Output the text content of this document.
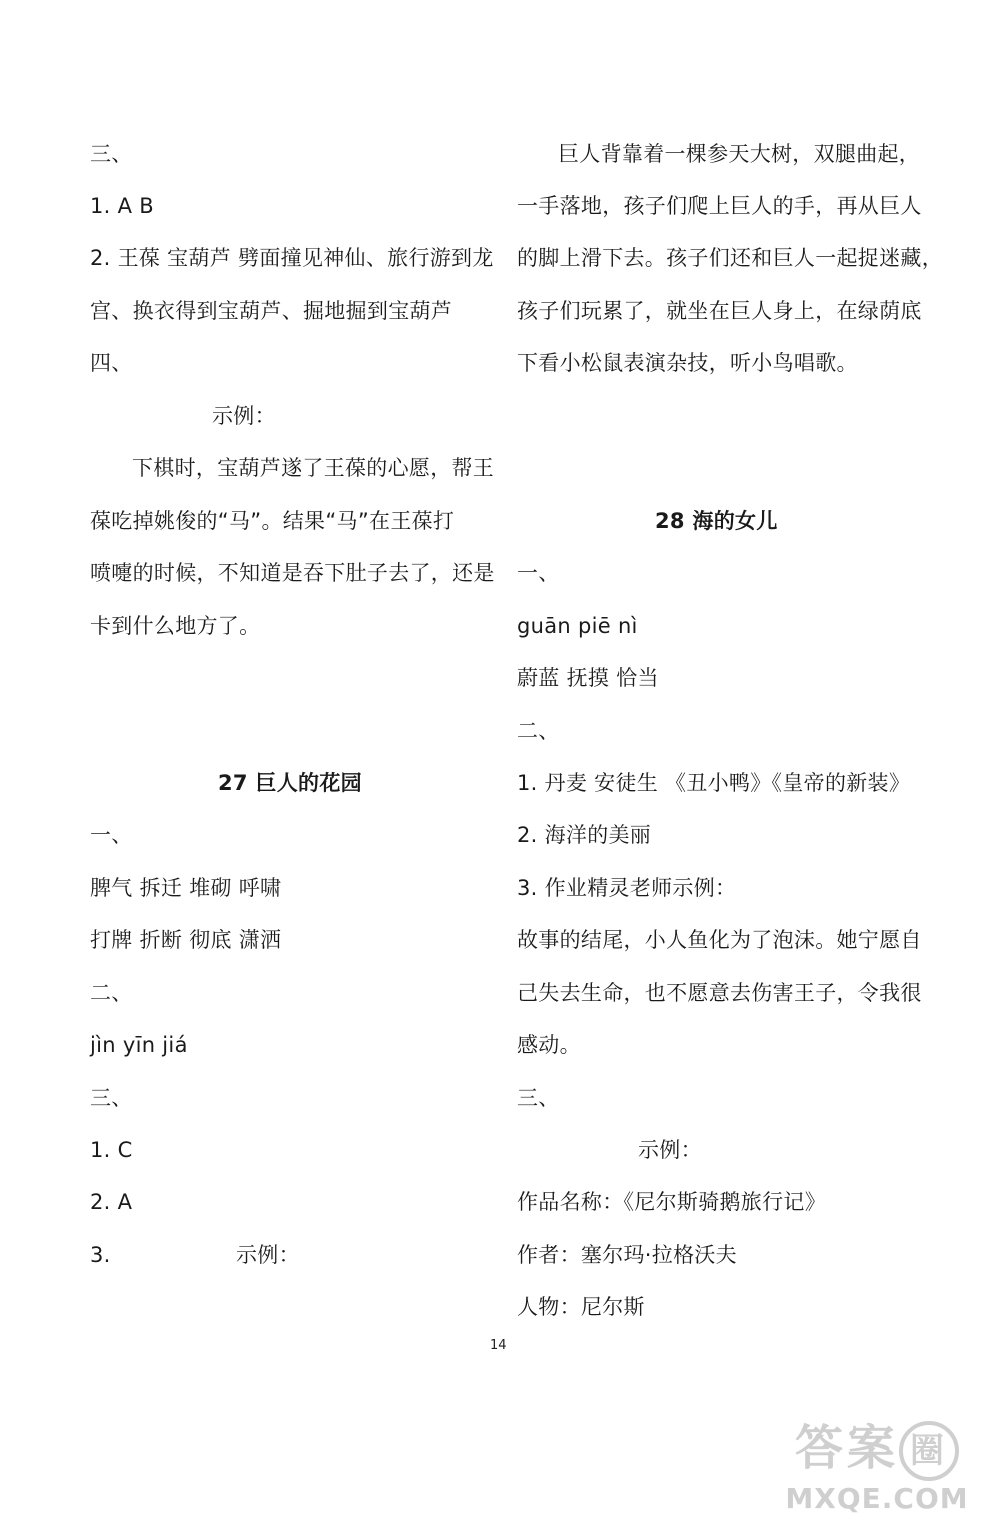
三、
1. A B
2. 王葆 宝葫芦 劈面撞见神仙、旅行游到龙
宫、换衣得到宝葫芦、掘地掘到宝葫芦
四、
示例：
下棋时，宝葫芦遂了王葆的心愿，帮王
葆吃掉姚俊的“马”。结果“马”在王葆打
喷嚏的时候，不知道是吞下肚子去了，还是
卡到什么地方了。
27 巨人的花园
一、
脾气 拆迁 堆砌 呼啸
打牌 折断 彻底 潇洒
二、
jìn yīn jiá
三、
1. C
2. A
3.	示例：
巨人背靠着一棵参天大树，双腿曲起，
一手落地，孩子们爬上巨人的手，再从巨人
的脚上滑下去。孩子们还和巨人一起捉迷藏，
孩子们玩累了，就坐在巨人身上，在绿荫底
下看小松鼠表演杂技，听小鸟唱歌。
28 海的女儿
一、
guān piē nì
蔚蓝 抚摸 恰当
二、
1. 丹麦 安徒生 《丑小鸭》《皇帝的新装》
2. 海洋的美丽
3. 作业精灵老师示例：
故事的结尾，小人鱼化为了泡沫。她宁愿自
己失去生命，也不愿意去伤害王子，令我很
感动。
三、
示例：
作品名称：《尼尔斯骑鹅旅行记》
作者：塞尔玛·拉格沃夫
人物：尼尔斯
14
答案 圈
MXQE.COM
